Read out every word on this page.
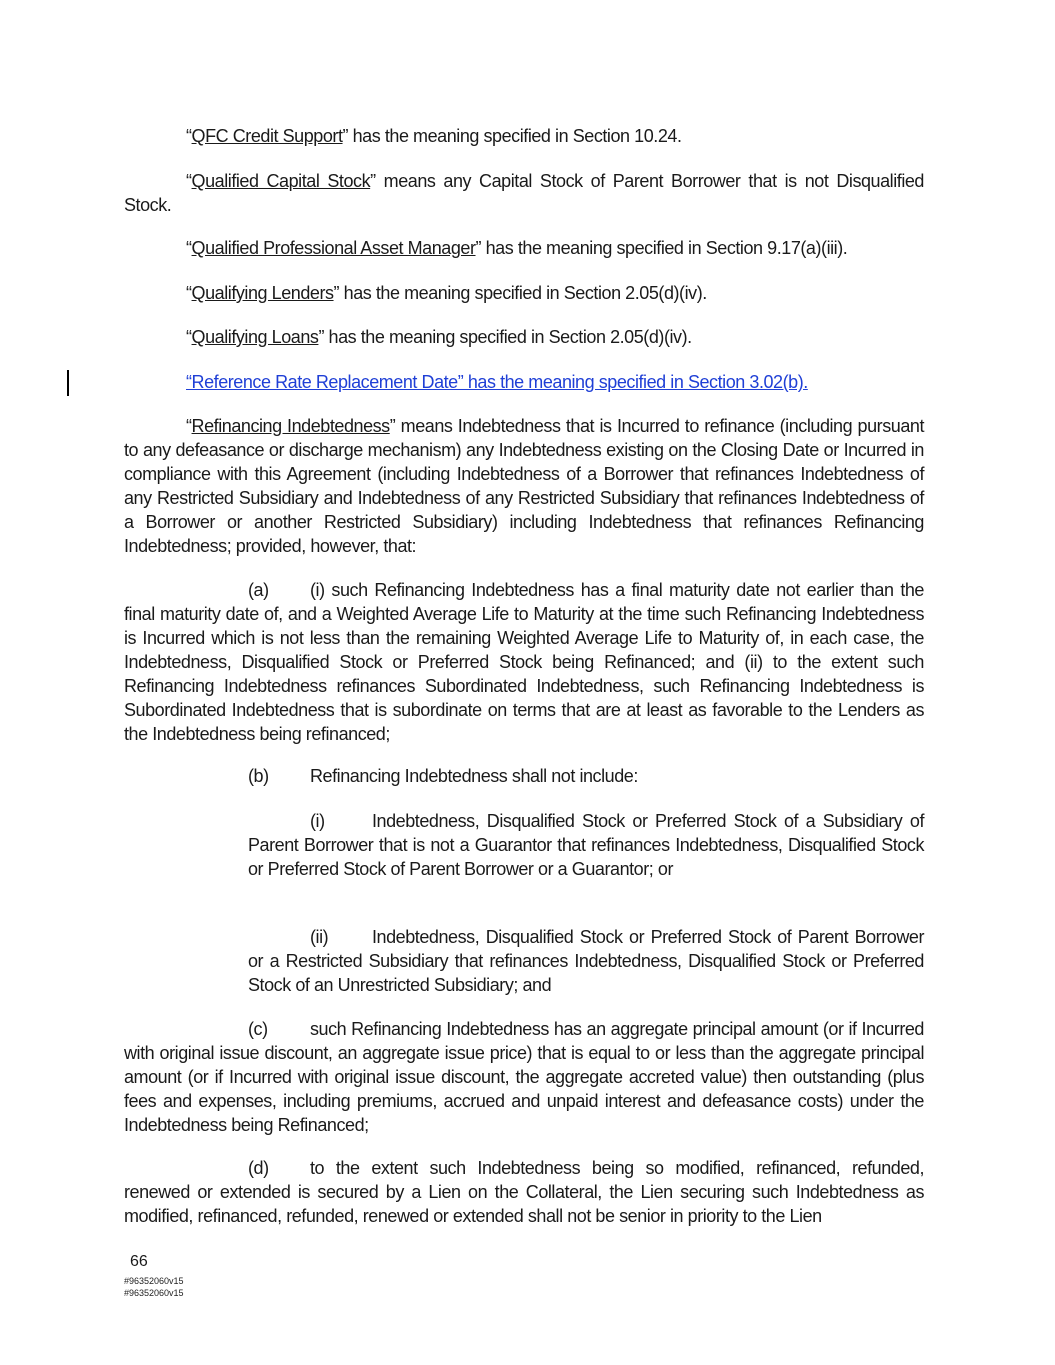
“QFC Credit Support” has the meaning specified in Section 10.24.

“Qualified Capital Stock” means any Capital Stock of Parent Borrower that is not Disqualified Stock.

“Qualified Professional Asset Manager” has the meaning specified in Section 9.17(a)(iii).

“Qualifying Lenders” has the meaning specified in Section 2.05(d)(iv).

“Qualifying Loans” has the meaning specified in Section 2.05(d)(iv).

“Reference Rate Replacement Date” has the meaning specified in Section 3.02(b).

“Refinancing Indebtedness” means Indebtedness that is Incurred to refinance (including pursuant to any defeasance or discharge mechanism) any Indebtedness existing on the Closing Date or Incurred in compliance with this Agreement (including Indebtedness of a Borrower that refinances Indebtedness of any Restricted Subsidiary and Indebtedness of any Restricted Subsidiary that refinances Indebtedness of a Borrower or another Restricted Subsidiary) including Indebtedness that refinances Refinancing Indebtedness; provided, however, that:

(a) (i) such Refinancing Indebtedness has a final maturity date not earlier than the final maturity date of, and a Weighted Average Life to Maturity at the time such Refinancing Indebtedness is Incurred which is not less than the remaining Weighted Average Life to Maturity of, in each case, the Indebtedness, Disqualified Stock or Preferred Stock being Refinanced; and (ii) to the extent such Refinancing Indebtedness refinances Subordinated Indebtedness, such Refinancing Indebtedness is Subordinated Indebtedness that is subordinate on terms that are at least as favorable to the Lenders as the Indebtedness being refinanced;

(b) Refinancing Indebtedness shall not include:

(i)	Indebtedness, Disqualified Stock or Preferred Stock of a Subsidiary of Parent Borrower that is not a Guarantor that refinances Indebtedness, Disqualified Stock or Preferred Stock of Parent Borrower or a Guarantor; or

(ii) Indebtedness, Disqualified Stock or Preferred Stock of Parent Borrower or a Restricted Subsidiary that refinances Indebtedness, Disqualified Stock or Preferred Stock of an Unrestricted Subsidiary; and

(c) such Refinancing Indebtedness has an aggregate principal amount (or if Incurred with original issue discount, an aggregate issue price) that is equal to or less than the aggregate principal amount (or if Incurred with original issue discount, the aggregate accreted value) then outstanding (plus fees and expenses, including premiums, accrued and unpaid interest and defeasance costs) under the Indebtedness being Refinanced;

(d) to the extent such Indebtedness being so modified, refinanced, refunded, renewed or extended is secured by a Lien on the Collateral, the Lien securing such Indebtedness as modified, refinanced, refunded, renewed or extended shall not be senior in priority to the Lien

66
#96352060v15
#96352060v15
